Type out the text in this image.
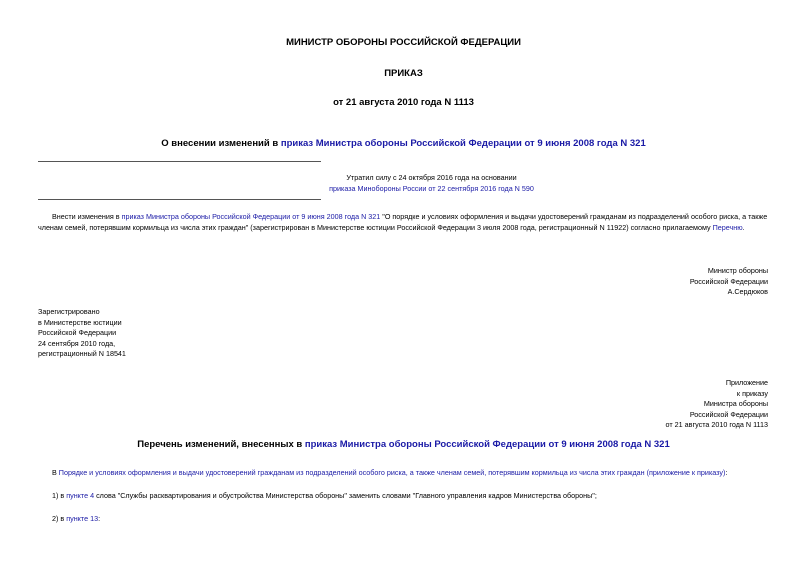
МИНИСТР ОБОРОНЫ РОССИЙСКОЙ ФЕДЕРАЦИИ
ПРИКАЗ
от 21 августа 2010 года N 1113
О внесении изменений в приказ Министра обороны Российской Федерации от 9 июня 2008 года N 321
Утратил силу с 24 октября 2016 года на основании
приказа Минобороны России от 22 сентября 2016 года N 590
Внести изменения в приказ Министра обороны Российской Федерации от 9 июня 2008 года N 321 "О порядке и условиях оформления и выдачи удостоверений гражданам из подразделений особого риска, а также членам семей, потерявшим кормильца из числа этих граждан" (зарегистрирован в Министерстве юстиции Российской Федерации 3 июля 2008 года, регистрационный N 11922) согласно прилагаемому Перечню.
Министр обороны
Российской Федерации
А.Сердюков
Зарегистрировано
в Министерстве юстиции
Российской Федерации
24 сентября 2010 года,
регистрационный N 18541
Приложение
к приказу
Министра обороны
Российской Федерации
от 21 августа 2010 года N 1113
Перечень изменений, внесенных в приказ Министра обороны Российской Федерации от 9 июня 2008 года N 321
В Порядке и условиях оформления и выдачи удостоверений гражданам из подразделений особого риска, а также членам семей, потерявшим кормильца из числа этих граждан (приложение к приказу):
1) в пункте 4 слова "Службы расквартирования и обустройства Министерства обороны" заменить словами "Главного управления кадров Министерства обороны";
2) в пункте 13:
